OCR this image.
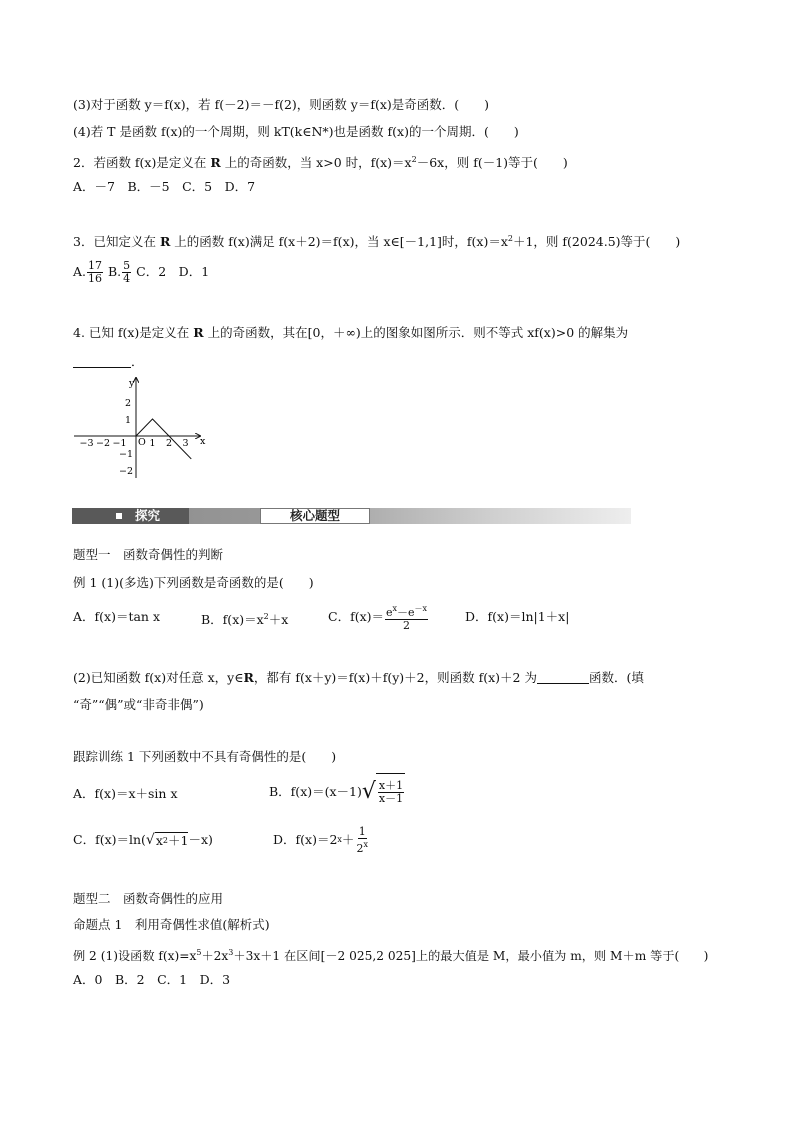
(3)对于函数 y＝f(x)，若 f(－2)＝－f(2)，则函数 y＝f(x)是奇函数．(　　)
(4)若 T 是函数 f(x)的一个周期，则 kT(k∈N*)也是函数 f(x)的一个周期．(　　)
2．若函数 f(x)是定义在 R 上的奇函数，当 x>0 时，$f(x)=x^2-6x$，则 f(－1)等于(　　)
A．－7　B．－5　C．5　D．7
3．已知定义在 R 上的函数 f(x)满足 f(x＋2)＝f(x)，当 x∈[－1,1]时，$f(x)=x^2+1$，则 f(2024.5)等于(　　)
A. $\frac{17}{16} B$. $\frac{5}{4}$ C．2　D．1
4. 已知 f(x)是定义在 R 上的奇函数，其在[0，＋∞)上的图象如图所示．则不等式 xf(x)>0 的解集为
．
x
y
O
−3 −2 −1 1 2 3
2
1
−1
−2
探究	核心题型
题型一　函数奇偶性的判断
例 1 (1)(多选)下列函数是奇函数的是(　　)
A．f(x)＝tan x	B．$f(x)=x^2+x$	C．$f(x)= \frac{e^x-e^{-x}}{2}$	D．f(x)＝ln|1＋x|
(2)已知函数 f(x)对任意 x，y∈R，都有 f(x＋y)＝f(x)＋f(y)＋2，则函数 f(x)＋2 为	函数．(填
“奇”“偶”或“非奇非偶”)
跟踪训练 1 下列函数中不具有奇偶性的是(　　)
A．f(x)＝x＋sin x	B．f(x)＝(x－1) √ $\frac{x+1}{x-1}$
C．f(x)＝ln( √ x 2 ＋1 －x)	D．f(x)＝2 $x + \frac{1}{2^x}$
题型二　函数奇偶性的应用
命题点 1　利用奇偶性求值(解析式)
例 2 (1)设函数 $f(x)=x^5+2x^3+3x+1$ 在区间[－2 025,2 025]上的最大值是 M，最小值为 m，则 M＋m 等于(　　)
A．0　B．2　C．1　D．3
